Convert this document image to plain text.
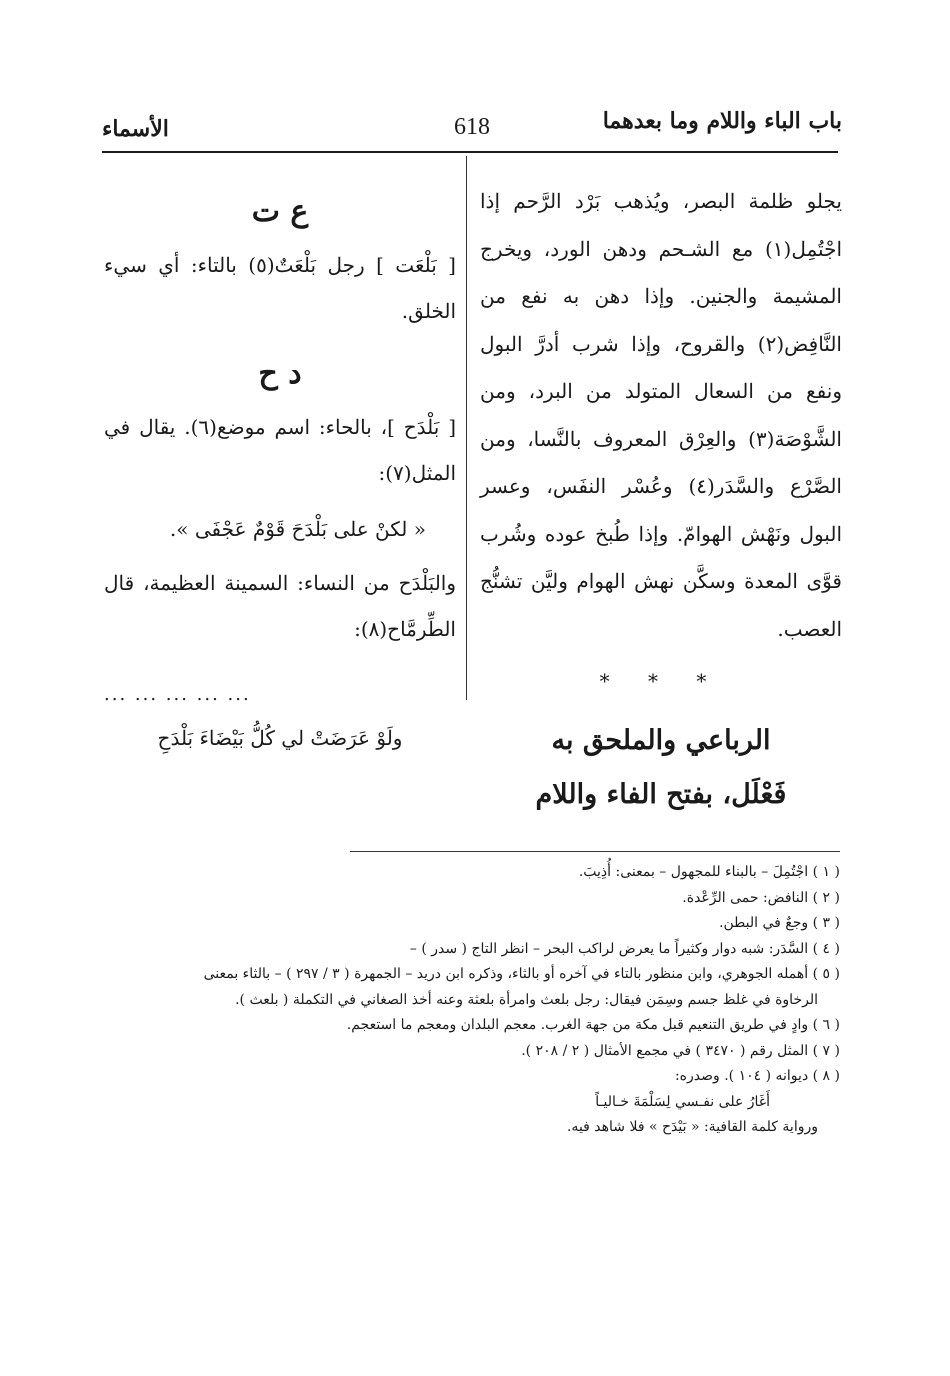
باب الباء واللام وما بعدهما
618
الأسماء

يجلو ظلمة البصر، ويُذهب بَرْد الرَّحم إذا اجْتُمِل(١) مع الشـحم ودهن الورد، ويخرج المشيمة والجنين. وإذا دهن به نفع من النَّافِض(٢) والقروح، وإذا شرب أدرَّ البول ونفع من السعال المتولد من البرد، ومن الشَّوْصَة(٣) والعِرْق المعروف بالنَّسا، ومن الصَّرْع والسَّدَر(٤) وعُسْر النفَس، وعسر البول ونَهْش الهوامّ. وإذا طُبخ عوده وشُرب قوَّى المعدة وسكَّن نهش الهوام وليَّن تشنُّج العصب.

* * *
الرباعي والملحق به
فَعْلَل، بفتح الفاء واللام
ع ت

[ بَلْعَت ] رجل بَلْعَتٌ(٥) بالتاء: أي سيء الخلق.

د ح

[ بَلْدَح ]، بالحاء: اسم موضع(٦). يقال في المثل(٧):

« لكنْ على بَلْدَحَ قَوْمٌ عَجْفَى ».

والبَلْدَح من النساء: السمينة العظيمة، قال الطِّرمَّاح(٨):

... ... ... ... ...
ولَوْ عَرَضَتْ لي كُلُّ بَيْضَاءَ بَلْدَحِ

( ١ ) اجْتُمِلَ – بالبناء للمجهول – بمعنى: أُذِيبَ.

( ٢ ) النافض: حمى الرِّعْدة.

( ٣ ) وجعٌ في البطن.

( ٤ ) السَّدَر: شبه دوار وكثيراً ما يعرض لراكب البحر – انظر التاج ( سدر ) –

( ٥ ) أهمله الجوهري، وابن منظور بالتاء في آخره أو بالثاء، وذكره ابن دريد – الجمهرة ( ٣ / ٢٩٧ ) – بالثاء بمعنى

الرخاوة في غلظ جسم وسِمَن فيقال: رجل بلعث وامرأة بلعثة وعنه أخذ الصغاني في التكملة ( بلعث ).

( ٦ ) وادٍ في طريق التنعيم قبل مكة من جهة الغرب. معجم البلدان ومعجم ما استعجم.

( ٧ ) المثل رقم ( ٣٤٧٠ ) في مجمع الأمثال ( ٢ / ٢٠٨ ).

( ٨ ) ديوانه ( ١٠٤ ). وصدره:

أَغَارُ على نفـسي لِسَلْمَةَ خـاليـاً

ورواية كلمة القافية: « بَيْدَح » فلا شاهد فيه.
